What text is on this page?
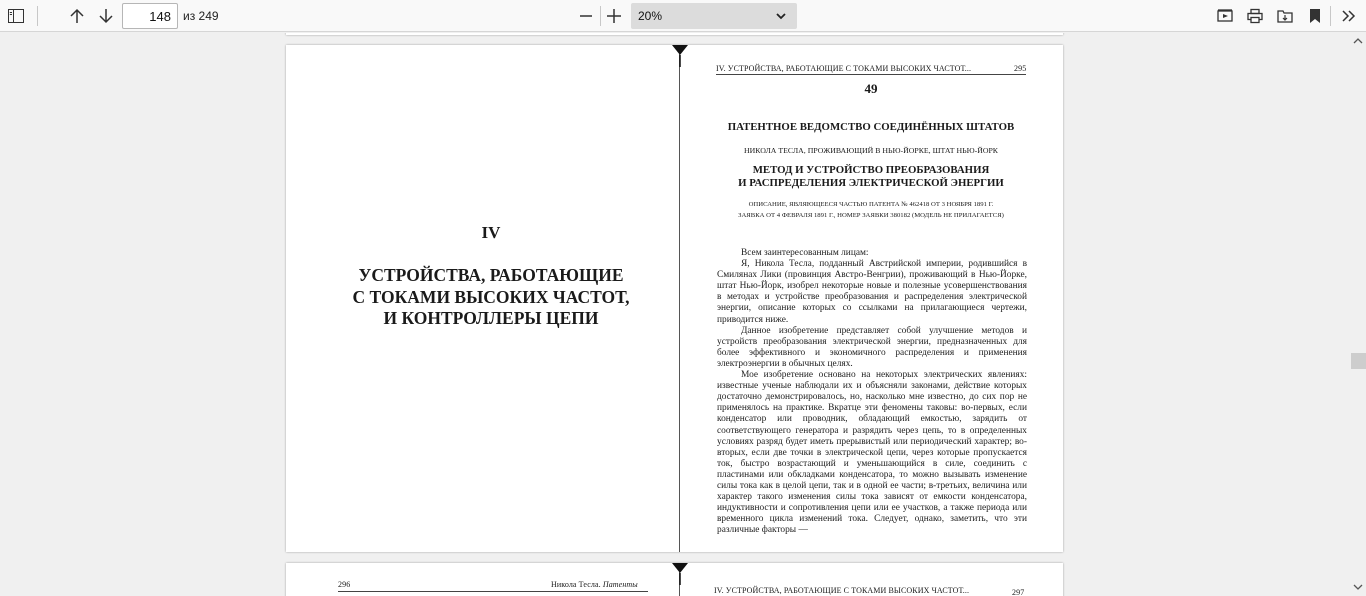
148
из 249	20%
IV
УСТРОЙСТВА, РАБОТАЮЩИЕ
С ТОКАМИ ВЫСОКИХ ЧАСТОТ,
И КОНТРОЛЛЕРЫ ЦЕПИ
IV. УСТРОЙСТВА, РАБОТАЮЩИЕ С ТОКАМИ ВЫСОКИХ ЧАСТОТ...	295
49
ПАТЕНТНОЕ ВЕДОМСТВО СОЕДИНЁННЫХ ШТАТОВ
НИКОЛА ТЕСЛА, ПРОЖИВАЮЩИЙ В НЬЮ-ЙОРКЕ, ШТАТ НЬЮ-ЙОРК
МЕТОД И УСТРОЙСТВО ПРЕОБРАЗОВАНИЯ
И РАСПРЕДЕЛЕНИЯ ЭЛЕКТРИЧЕСКОЙ ЭНЕРГИИ
ОПИСАНИЕ, ЯВЛЯЮЩЕЕСЯ ЧАСТЬЮ ПАТЕНТА № 462418 ОТ 3 НОЯБРЯ 1891 Г.
ЗАЯВКА ОТ 4 ФЕВРАЛЯ 1891 Г., НОМЕР ЗАЯВКИ 380182 (МОДЕЛЬ НЕ ПРИЛАГАЕТСЯ)

Всем заинтересованным лицам:

Я, Никола Тесла, подданный Австрийской империи, родившийся в Смилянах Лики (провинция Австро-Венгрии), проживающий в Нью-Йорке, штат Нью-Йорк, изобрел некоторые новые и полезные усовершенствования в методах и устройстве преобразования и распределения электрической энергии, описание которых со ссылками на прилагающиеся чертежи, приводится ниже.

Данное изобретение представляет собой улучшение методов и устройств преобразования электрической энергии, предназначенных для более эффективного и экономичного распределения и применения электроэнергии в обычных целях.

Мое изобретение основано на некоторых электрических явлениях: известные ученые наблюдали их и объясняли законами, действие которых достаточно демонстрировалось, но, насколько мне известно, до сих пор не применялось на практике. Вкратце эти феномены таковы: во-первых, если конденсатор или проводник, обладающий емкостью, зарядить от соответствующего генератора и разрядить через цепь, то в определенных условиях разряд будет иметь прерывистый или периодический характер; во-вторых, если две точки в электрической цепи, через которые пропускается ток, быстро возрастающий и уменьшающийся в силе, соединить с пластинами или обкладками конденсатора, то можно вызывать изменение силы тока как в целой цепи, так и в одной ее части; в-третьих, величина или характер такого изменения силы тока зависят от емкости конденсатора, индуктивности и сопротивления цепи или ее участков, а также периода или временного цикла изменений тока. Следует, однако, заметить, что эти различные факторы —

296	Никола Тесла. Патенты
IV. УСТРОЙСТВА, РАБОТАЮЩИЕ С ТОКАМИ ВЫСОКИХ ЧАСТОТ...	297
